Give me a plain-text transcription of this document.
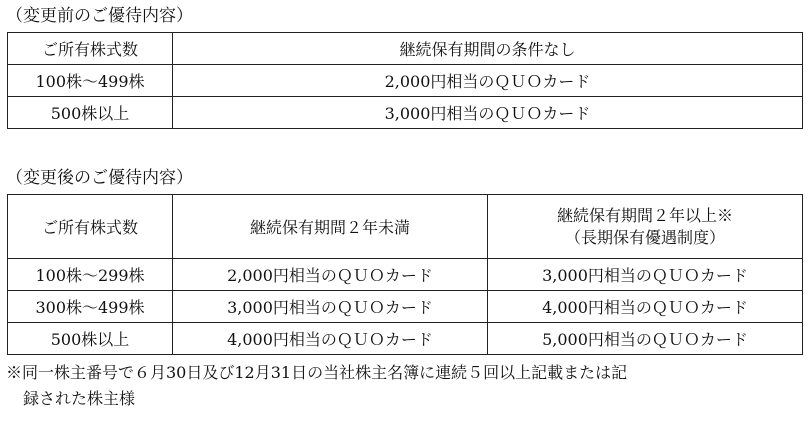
（変更前のご優待内容）
ご所有株式数	継続保有期間の条件なし
100株〜499株	2,000円相当のＱＵＯカード
500株以上	3,000円相当のＱＵＯカード
（変更後のご優待内容）
ご所有株式数	継続保有期間２年未満	継続保有期間２年以上※
（長期保有優遇制度）

100株〜299株	2,000円相当のＱＵＯカード	3,000円相当のＱＵＯカード
300株〜499株	3,000円相当のＱＵＯカード	4,000円相当のＱＵＯカード
500株以上	4,000円相当のＱＵＯカード	5,000円相当のＱＵＯカード
※同一株主番号で６月30日及び12月31日の当社株主名簿に連続５回以上記載または記
録された株主様
